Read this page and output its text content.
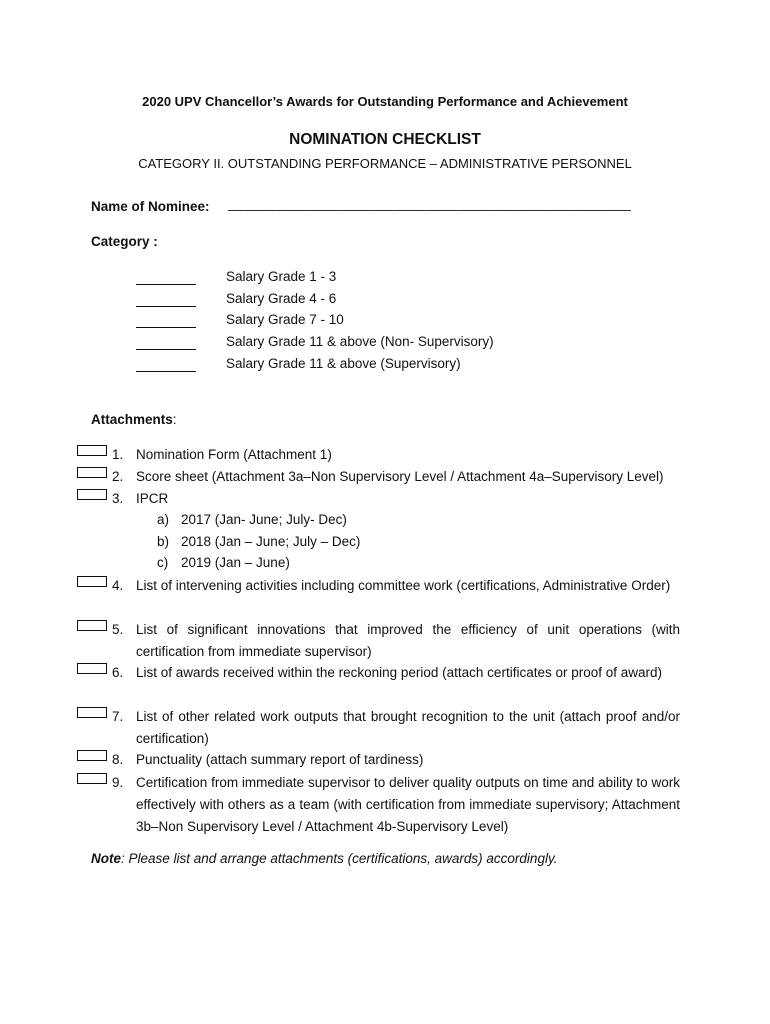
2020 UPV Chancellor’s Awards for Outstanding Performance and Achievement
NOMINATION CHECKLIST
CATEGORY II. OUTSTANDING PERFORMANCE – ADMINISTRATIVE PERSONNEL
Name of Nominee: ___________________________________________________
Category :
Salary Grade 1 - 3
Salary Grade 4 - 6
Salary Grade 7 - 10
Salary Grade 11 & above (Non- Supervisory)
Salary Grade 11 & above (Supervisory)
Attachments:
1. Nomination Form (Attachment 1)
2. Score sheet (Attachment 3a–Non Supervisory Level / Attachment 4a–Supervisory Level)
3. IPCR
a) 2017 (Jan- June; July- Dec)
b) 2018 (Jan – June; July – Dec)
c) 2019 (Jan – June)
4. List of intervening activities including committee work (certifications, Administrative Order)
5. List of significant innovations that improved the efficiency of unit operations (with certification from immediate supervisor)
6. List of awards received within the reckoning period (attach certificates or proof of award)
7. List of other related work outputs that brought recognition to the unit (attach proof and/or certification)
8. Punctuality (attach summary report of tardiness)
9. Certification from immediate supervisor to deliver quality outputs on time and ability to work effectively with others as a team (with certification from immediate supervisory; Attachment 3b–Non Supervisory Level / Attachment 4b-Supervisory Level)
Note: Please list and arrange attachments (certifications, awards) accordingly.
